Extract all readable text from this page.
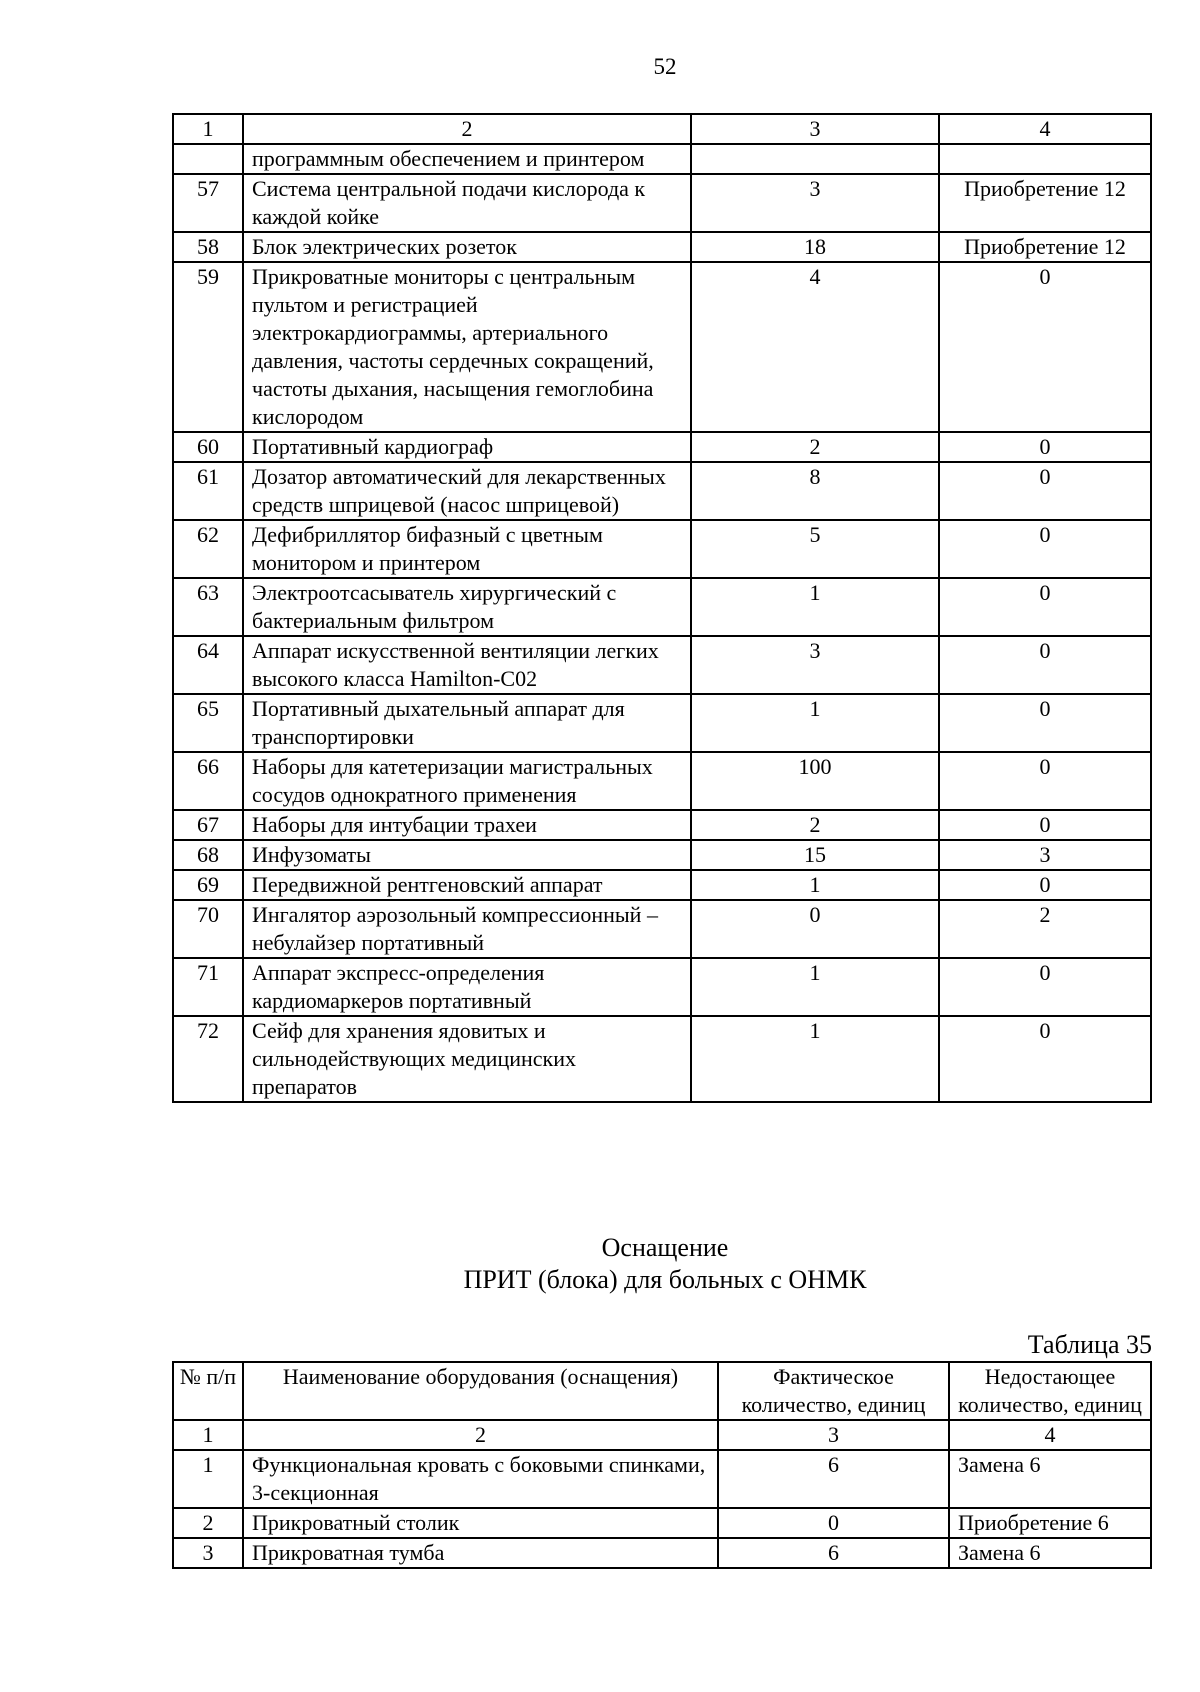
52
1	2	3	4
	программным обеспечением и принтером		
57	Система центральной подачи кислорода к каждой койке	3	Приобретение 12
58	Блок электрических розеток	18	Приобретение 12
59	Прикроватные мониторы с центральным пультом и регистрацией электрокардиограммы, артериального давления, частоты сердечных сокращений, частоты дыхания, насыщения гемоглобина кислородом	4	0
60	Портативный кардиограф	2	0
61	Дозатор автоматический для лекарственных средств шприцевой (насос шприцевой)	8	0
62	Дефибриллятор бифазный с цветным монитором и принтером	5	0
63	Электроотсасыватель хирургический с бактериальным фильтром	1	0
64	Аппарат искусственной вентиляции легких высокого класса Hamilton-C02	3	0
65	Портативный дыхательный аппарат для транспортировки	1	0
66	Наборы для катетеризации магистральных сосудов однократного применения	100	0
67	Наборы для интубации трахеи	2	0
68	Инфузоматы	15	3
69	Передвижной рентгеновский аппарат	1	0
70	Ингалятор аэрозольный компрессионный – небулайзер портативный	0	2
71	Аппарат экспресс-определения кардиомаркеров портативный	1	0
72	Сейф для хранения ядовитых и сильнодействующих медицинских препаратов	1	0
Оснащение
ПРИТ (блока) для больных с ОНМК
Таблица 35
№ п/п	Наименование оборудования (оснащения)	Фактическое количество, единиц	Недостающее количество, единиц
1	2	3	4
1	Функциональная кровать с боковыми спинками, 3-секционная	6	Замена 6
2	Прикроватный столик	0	Приобретение 6
3	Прикроватная тумба	6	Замена 6
